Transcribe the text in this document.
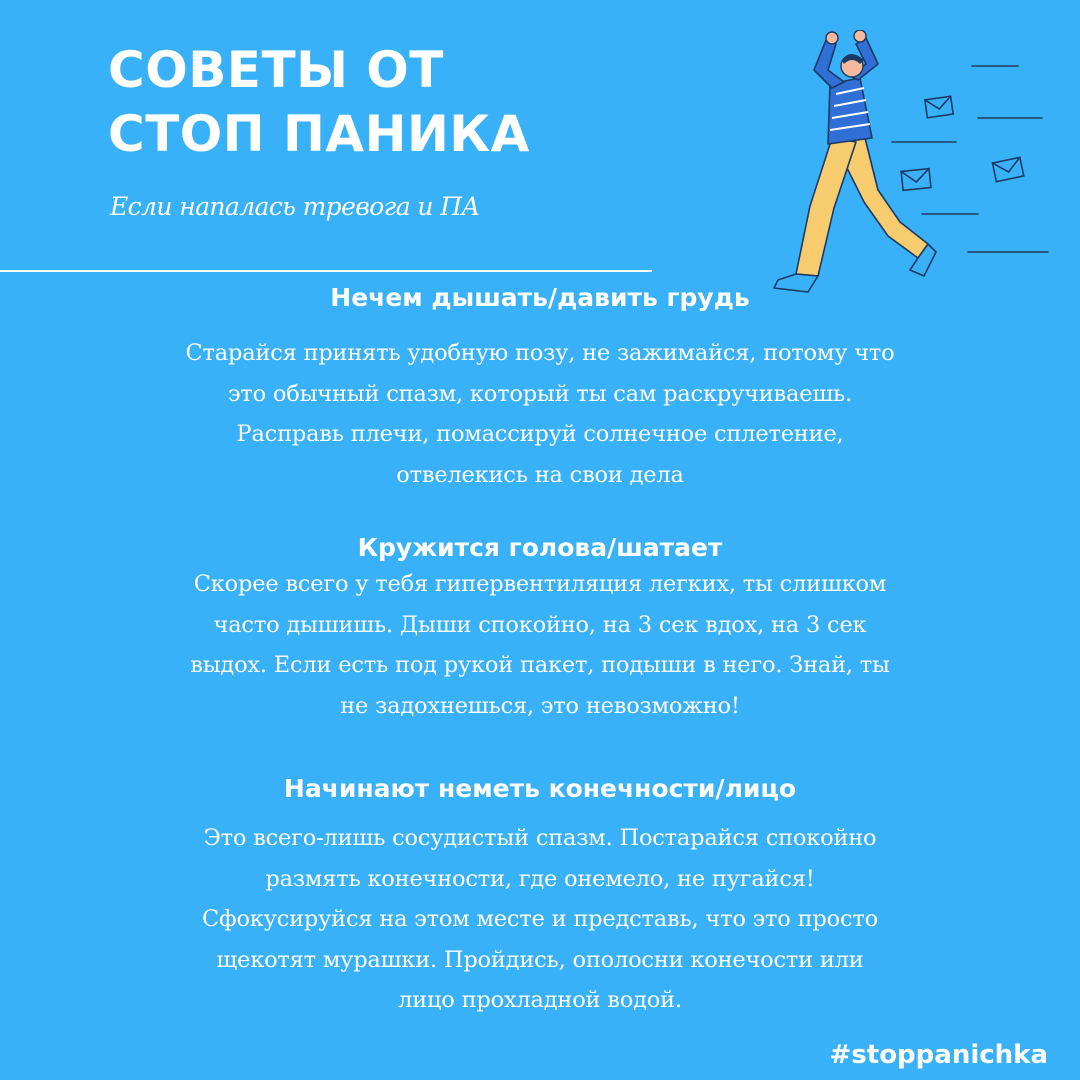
СОВЕТЫ ОТ
СТОП ПАНИКА
Если напалась тревога и ПА
Нечем дышать/давить грудь
Старайся принять удобную позу, не зажимайся, потому что
это обычный спазм, который ты сам раскручиваешь.
Расправь плечи, помассируй солнечное сплетение,
отвелекись на свои дела
Кружится голова/шатает
Скорее всего у тебя гипервентиляция легких, ты слишком
часто дышишь. Дыши спокойно, на 3 сек вдох, на 3 сек
выдох. Если есть под рукой пакет, подыши в него. Знай, ты
не задохнешься, это невозможно!
Начинают неметь конечности/лицо
Это всего-лишь сосудистый спазм. Постарайся спокойно
размять конечности, где онемело, не пугайся!
Сфокусируйся на этом месте и представь, что это просто
щекотят мурашки. Пройдись, ополосни конечости или
лицо прохладной водой.
#stoppanichka
